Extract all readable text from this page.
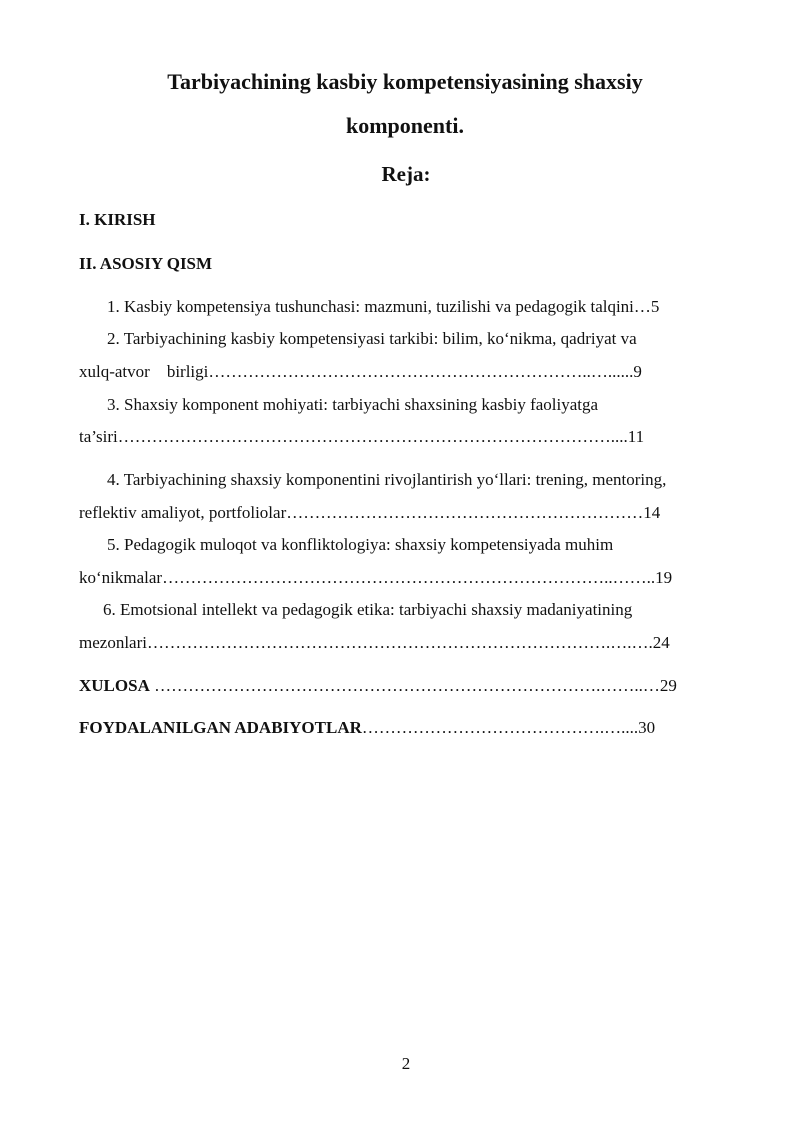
Tarbiyachining kasbiy kompetensiyasining shaxsiy
komponenti.
Reja:
I. KIRISH
II. ASOSIY QISM
1. Kasbiy kompetensiya tushunchasi: mazmuni, tuzilishi va pedagogik talqini…5
2. Tarbiyachining kasbiy kompetensiyasi tarkibi: bilim, ko‘nikma, qadriyat va
xulq-atvor    birligi…………………………………………………………..…......9
3. Shaxsiy komponent mohiyati: tarbiyachi shaxsining kasbiy faoliyatga
ta’siri……………………………………………………………………………....11
4. Tarbiyachining shaxsiy komponentini rivojlantirish yo‘llari: trening, mentoring,
reflektiv amaliyot, portfoliolar………………………………………………………14
5. Pedagogik muloqot va konfliktologiya: shaxsiy kompetensiyada muhim
ko‘nikmalar……………………………………………………………………..……..19
6. Emotsional intellekt va pedagogik etika: tarbiyachi shaxsiy madaniyatining
mezonlari……………………………………………………………………….….….24
XULOSA …………………………………………………………………….……..…29
FOYDALANILGAN ADABIYOTLAR…………………………………….…....30
2
